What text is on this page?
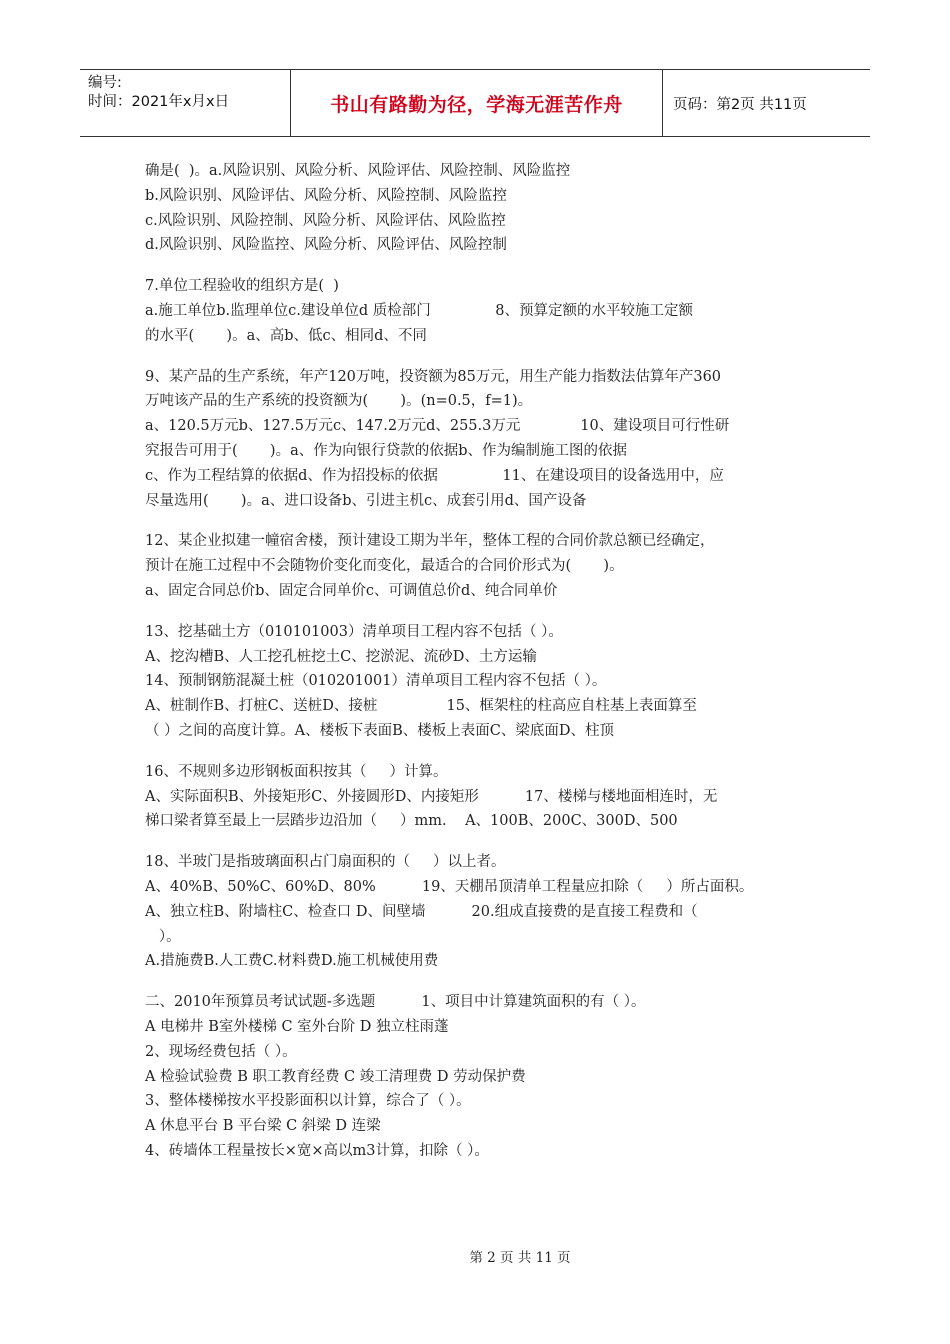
编号:
时间：2021年x月x日	书山有路勤为径，学海无涯苦作舟	页码：第2页 共11页

确是(  )。a.风险识别、风险分析、风险评估、风险控制、风险监控

b.风险识别、风险评估、风险分析、风险控制、风险监控

c.风险识别、风险控制、风险分析、风险评估、风险监控

d.风险识别、风险监控、风险分析、风险评估、风险控制

7.单位工程验收的组织方是(  )

a.施工单位b.监理单位c.建设单位d 质检部门              8、预算定额的水平较施工定额

的水平(       )。a、高b、低c、相同d、不同

9、某产品的生产系统，年产120万吨，投资额为85万元，用生产能力指数法估算年产360

万吨该产品的生产系统的投资额为(       )。(n=0.5，f=1)。

a、120.5万元b、127.5万元c、147.2万元d、255.3万元             10、建设项目可行性研

究报告可用于(       )。a、作为向银行贷款的依据b、作为编制施工图的依据

c、作为工程结算的依据d、作为招投标的依据              11、在建设项目的设备选用中，应

尽量选用(       )。a、进口设备b、引进主机c、成套引用d、国产设备

12、某企业拟建一幢宿舍楼，预计建设工期为半年，整体工程的合同价款总额已经确定，

预计在施工过程中不会随物价变化而变化，最适合的合同价形式为(       )。

a、固定合同总价b、固定合同单价c、可调值总价d、纯合同单价

13、挖基础土方（010101003）清单项目工程内容不包括（ ）。

A、挖沟槽B、人工挖孔桩挖土C、挖淤泥、流砂D、土方运输

14、预制钢筋混凝土桩（010201001）清单项目工程内容不包括（ ）。

A、桩制作B、打桩C、送桩D、接桩               15、框架柱的柱高应自柱基上表面算至

（ ）之间的高度计算。A、楼板下表面B、楼板上表面C、梁底面D、柱顶

16、不规则多边形钢板面积按其（     ）计算。

A、实际面积B、外接矩形C、外接圆形D、内接矩形          17、楼梯与楼地面相连时，无

梯口梁者算至最上一层踏步边沿加（     ）mm.    A、100B、200C、300D、500

18、半玻门是指玻璃面积占门扇面积的（     ）以上者。

A、40%B、50%C、60%D、80%          19、天棚吊顶清单工程量应扣除（     ）所占面积。

A、独立柱B、附墙柱C、检查口 D、间壁墙          20.组成直接费的是直接工程费和（

）。

A.措施费B.人工费C.材料费D.施工机械使用费

二、2010年预算员考试试题-多选题          1、项目中计算建筑面积的有（ ）。

A 电梯井 B室外楼梯 C 室外台阶 D 独立柱雨蓬

2、现场经费包括（ ）。

A 检验试验费 B 职工教育经费 C 竣工清理费 D 劳动保护费

3、整体楼梯按水平投影面积以计算，综合了（ ）。

A 休息平台 B 平台梁 C 斜梁 D 连梁

4、砖墙体工程量按长×宽×高以m3计算，扣除（ ）。

第 2 页 共 11 页
